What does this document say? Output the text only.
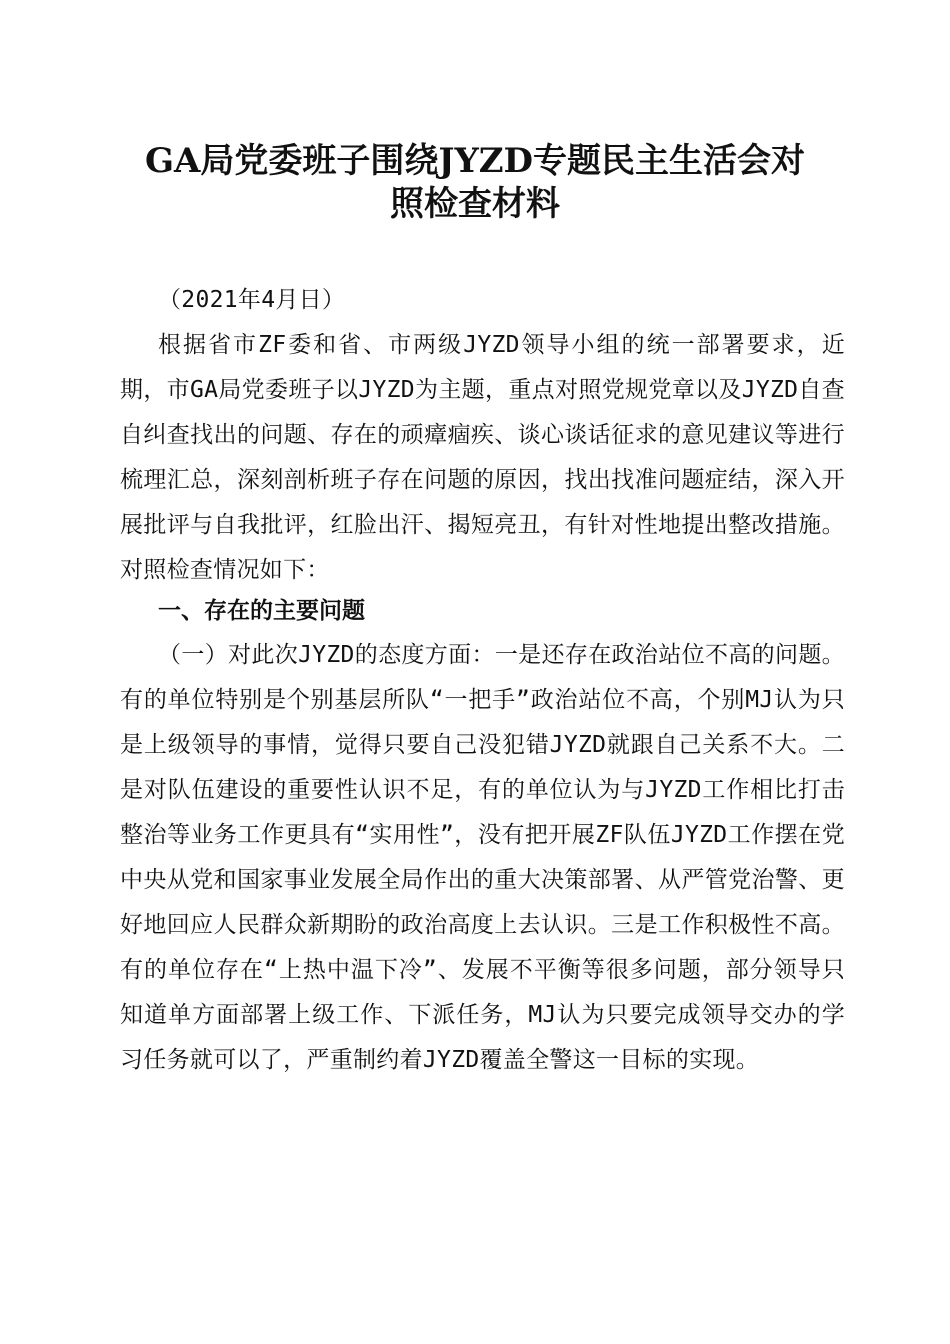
GA局党委班子围绕JYZD专题民主生活会对
照检查材料

（2021年4月日）

根据省市ZF委和省、市两级JYZD领导小组的统一部署要求，近期，市GA局党委班子以JYZD为主题，重点对照党规党章以及JYZD自查自纠查找出的问题、存在的顽瘴痼疾、谈心谈话征求的意见建议等进行梳理汇总，深刻剖析班子存在问题的原因，找出找准问题症结，深入开展批评与自我批评，红脸出汗、揭短亮丑，有针对性地提出整改措施。对照检查情况如下：

一、存在的主要问题

（一）对此次JYZD的态度方面：一是还存在政治站位不高的问题。有的单位特别是个别基层所队“一把手”政治站位不高，个别MJ认为只是上级领导的事情，觉得只要自己没犯错JYZD就跟自己关系不大。二是对队伍建设的重要性认识不足，有的单位认为与JYZD工作相比打击整治等业务工作更具有“实用性”，没有把开展ZF队伍JYZD工作摆在党中央从党和国家事业发展全局作出的重大决策部署、从严管党治警、更好地回应人民群众新期盼的政治高度上去认识。三是工作积极性不高。有的单位存在“上热中温下冷”、发展不平衡等很多问题，部分领导只知道单方面部署上级工作、下派任务，MJ认为只要完成领导交办的学习任务就可以了，严重制约着JYZD覆盖全警这一目标的实现。
